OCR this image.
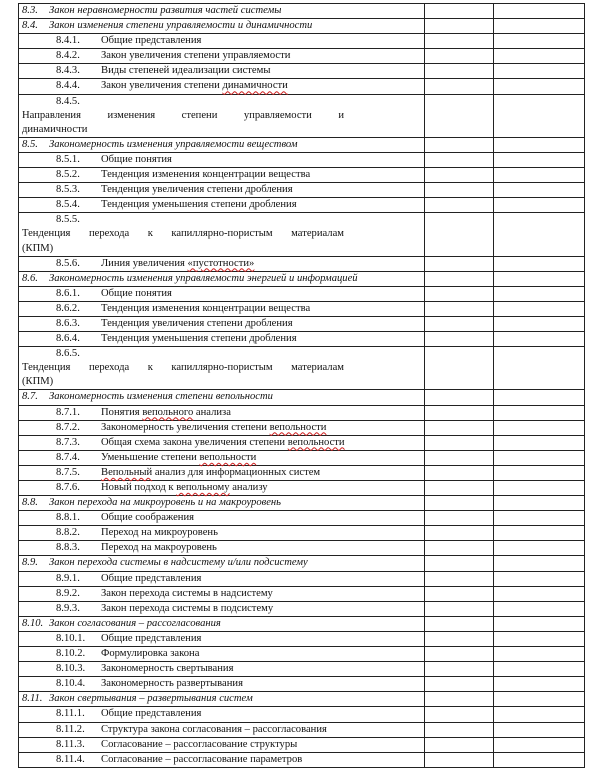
8.3. Закон неравномерности развития частей системы		

8.4. Закон изменения степени управляемости и динамичности		

8.4.1. Общие представления		

8.4.2. Закон увеличения степени управляемости		

8.4.3. Виды степеней идеализации системы		

8.4.4. Закон увеличения степени динамичности		

8.4.5.Направления изменения степени управляемости и
динамичности		

8.5. Закономерность изменения управляемости веществом		

8.5.1. Общие понятия		

8.5.2. Тенденция изменения концентрации вещества		

8.5.3. Тенденция увеличения степени дробления		

8.5.4. Тенденция уменьшения степени дробления		

8.5.5.Тенденция перехода к капиллярно-пористым материалам
(КПМ)		

8.5.6. Линия увеличения «пустотности»		

8.6. Закономерность изменения управляемости энергией и информацией		

8.6.1. Общие понятия		

8.6.2. Тенденция изменения концентрации вещества		

8.6.3. Тенденция увеличения степени дробления		

8.6.4. Тенденция уменьшения степени дробления		

8.6.5.Тенденция перехода к капиллярно-пористым материалам
(КПМ)		

8.7. Закономерность изменения степени вепольности		

8.7.1. Понятия вепольного анализа		

8.7.2. Закономерность увеличения степени вепольности		

8.7.3. Общая схема закона увеличения степени вепольности		

8.7.4. Уменьшение степени вепольности		

8.7.5. Вепольный анализ для информационных систем		

8.7.6. Новый подход к вепольному анализу		

8.8. Закон перехода на микроуровень и на макроуровень		

8.8.1. Общие соображения		

8.8.2. Переход на микроуровень		

8.8.3. Переход на макроуровень		

8.9. Закон перехода системы в надсистему и/или подсистему		

8.9.1. Общие представления		

8.9.2. Закон перехода системы в надсистему		

8.9.3. Закон перехода системы в подсистему		

8.10. Закон согласования – рассогласования		

8.10.1. Общие представления		

8.10.2. Формулировка закона		

8.10.3. Закономерность свертывания		

8.10.4. Закономерность развертывания		

8.11. Закон свертывания – развертывания систем		

8.11.1. Общие представления		

8.11.2. Структура закона согласования – рассогласования		

8.11.3. Согласование – рассогласование структуры		

8.11.4. Согласование – рассогласование параметров		
